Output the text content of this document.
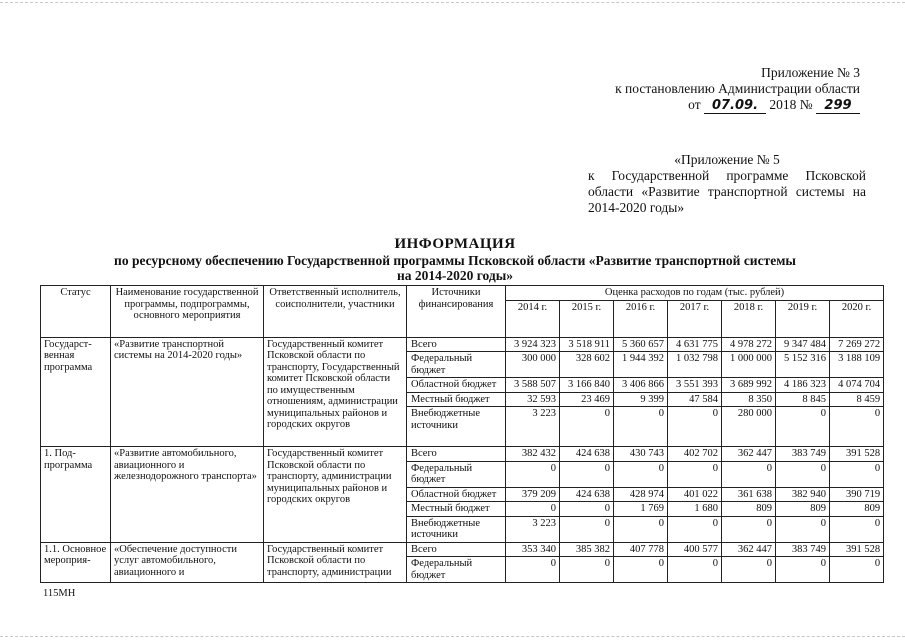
Приложение № 3
к постановлению Администрации области
от 07.09. 2018 № 299
«Приложение № 5
к Государственной программе Псковской области «Развитие транспортной системы на 2014-2020 годы»
ИНФОРМАЦИЯ
по ресурсному обеспечению Государственной программы Псковской области «Развитие транспортной системы
на 2014-2020 годы»
Статус	Наименование государственной программы, подпрограммы, основного мероприятия	Ответственный исполнитель, соисполнители, участники	Источники финансирования	Оценка расходов по годам (тыс. рублей)						
				2014 г.	2015 г.	2016 г.	2017 г.	2018 г.	2019 г.	2020 г.
Государст-венная программа	«Развитие транспортной системы на 2014-2020 годы»	Государственный комитет Псковской области по транспорту, Государственный комитет Псковской области по имущественным отношениям, администрации муниципальных районов и городских округов	Всего	3 924 323	3 518 911	5 360 657	4 631 775	4 978 272	9 347 484	7 269 272
			Федеральный бюджет	300 000	328 602	1 944 392	1 032 798	1 000 000	5 152 316	3 188 109
			Областной бюджет	3 588 507	3 166 840	3 406 866	3 551 393	3 689 992	4 186 323	4 074 704
			Местный бюджет	32 593	23 469	9 399	47 584	8 350	8 845	8 459
			Внебюджетные источники	3 223	0	0	0	280 000	0	0
1. Под-программа	«Развитие автомобильного, авиационного и железнодорожного транспорта»	Государственный комитет Псковской области по транспорту, администрации муниципальных районов и городских округов	Всего	382 432	424 638	430 743	402 702	362 447	383 749	391 528
			Федеральный бюджет	0	0	0	0	0	0	0
			Областной бюджет	379 209	424 638	428 974	401 022	361 638	382 940	390 719
			Местный бюджет	0	0	1 769	1 680	809	809	809
			Внебюджетные источники	3 223	0	0	0	0	0	0
1.1. Основное мероприя-	«Обеспечение доступности услуг автомобильного, авиационного и	Государственный комитет Псковской области по транспорту, администрации	Всего	353 340	385 382	407 778	400 577	362 447	383 749	391 528
			Федеральный бюджет	0	0	0	0	0	0	0
115МН
